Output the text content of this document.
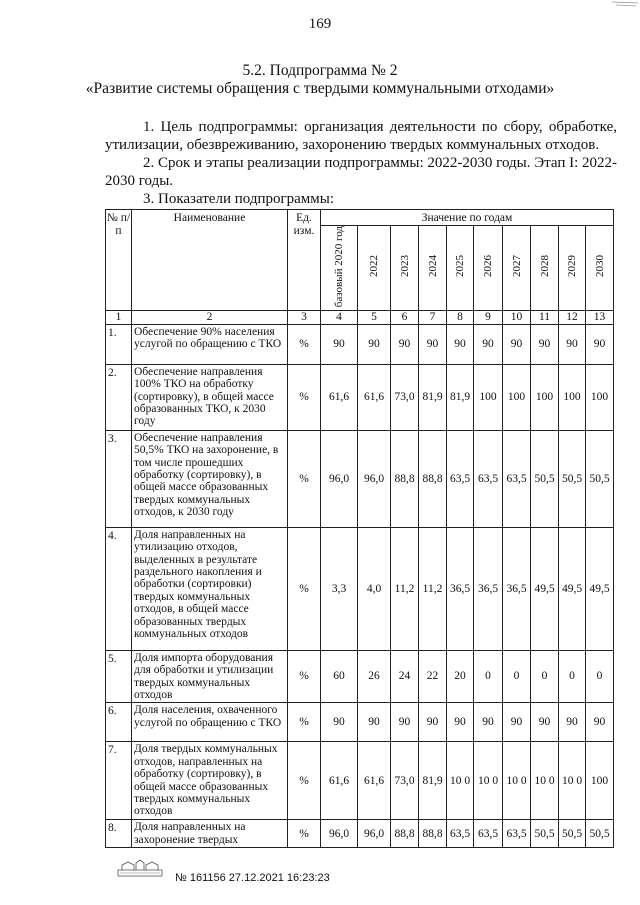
169
5.2. Подпрограмма № 2
«Развитие системы обращения с твердыми коммунальными отходами»
1. Цель подпрограммы: организация деятельности по сбору, обработке, утилизации, обезвреживанию, захоронению твердых коммунальных отходов.
2. Срок и этапы реализации подпрограммы: 2022-2030 годы. Этап I: 2022-2030 годы.
3. Показатели подпрограммы:
№ п/п	Наименование	Ед. изм.	Значение по годам									
			базовый 2020 год	2022	2023	2024	2025	2026	2027	2028	2029	2030
1	2	3	4	5	6	7	8	9	10	11	12	13
1.	Обеспечение 90% населения услугой по обращению с ТКО	%	90	90	90	90	90	90	90	90	90	90
2.	Обеспечение направления 100% ТКО на обработку (сортировку), в общей массе образованных ТКО, к 2030 году	%	61,6	61,6	73,0	81,9	81,9	100	100	100	100	100
3.	Обеспечение направления 50,5% ТКО на захоронение, в том числе прошедших обработку (сортировку), в общей массе образованных твердых коммунальных отходов, к 2030 году	%	96,0	96,0	88,8	88,8	63,5	63,5	63,5	50,5	50,5	50,5
4.	Доля направленных на утилизацию отходов, выделенных в результате раздельного накопления и обработки (сортировки) твердых коммунальных отходов, в общей массе образованных твердых коммунальных отходов	%	3,3	4,0	11,2	11,2	36,5	36,5	36,5	49,5	49,5	49,5
5.	Доля импорта оборудования для обработки и утилизации твердых коммунальных отходов	%	60	26	24	22	20	0	0	0	0	0
6.	Доля населения, охваченного услугой по обращению с ТКО	%	90	90	90	90	90	90	90	90	90	90
7.	Доля твердых коммунальных отходов, направленных на обработку (сортировку), в общей массе образованных твердых коммунальных отходов	%	61,6	61,6	73,0	81,9	10 0	10 0	10 0	10 0	10 0	100
8.	Доля направленных на захоронение твердых	%	96,0	96,0	88,8	88,8	63,5	63,5	63,5	50,5	50,5	50,5
№ 161156 27.12.2021 16:23:23
